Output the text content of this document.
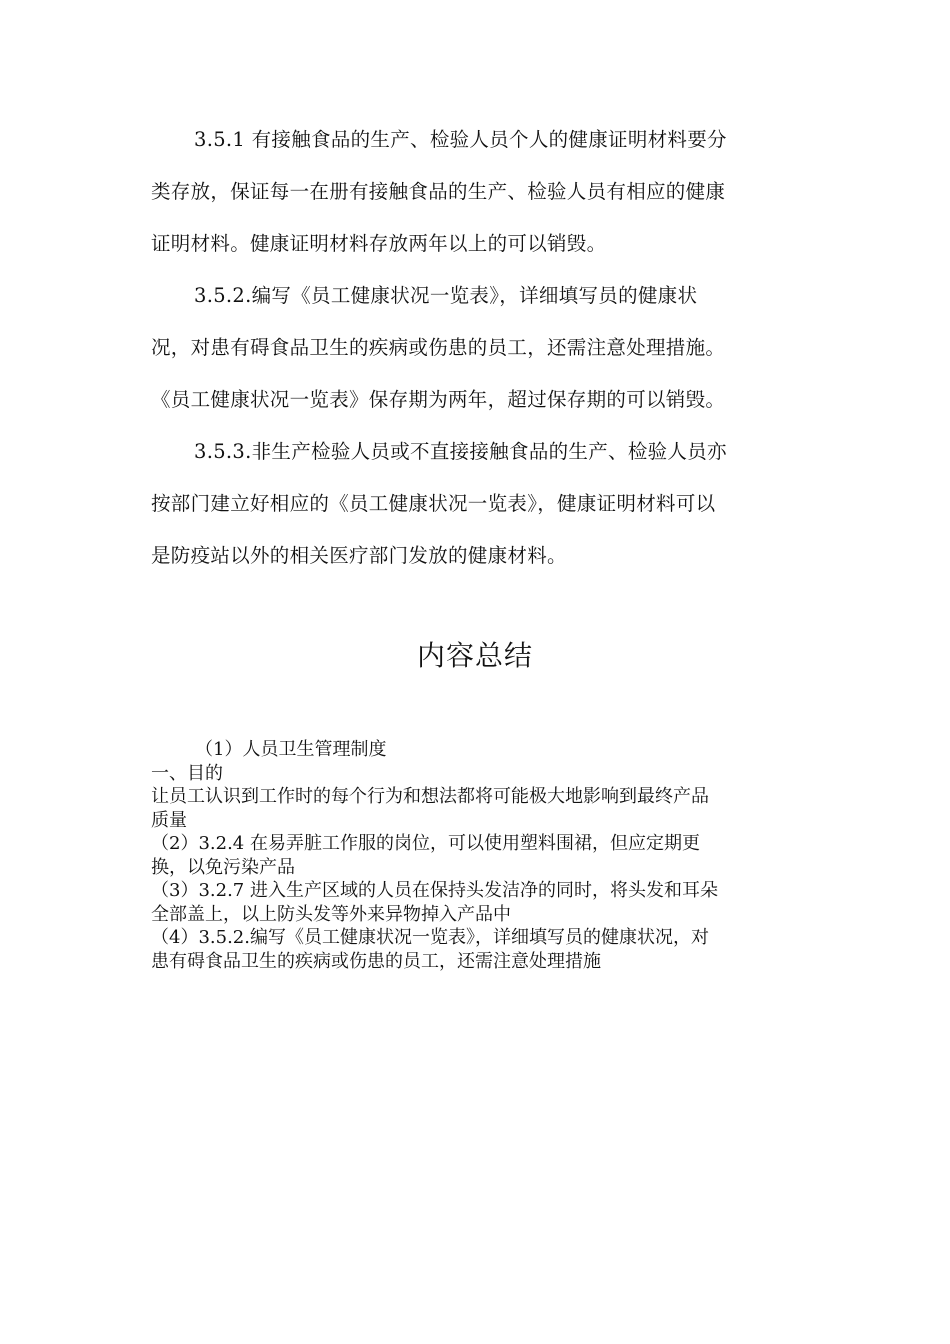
3.5.1 有接触食品的生产、检验人员个人的健康证明材料要分
类存放，保证每一在册有接触食品的生产、检验人员有相应的健康
证明材料。健康证明材料存放两年以上的可以销毁。
3.5.2.编写《员工健康状况一览表》，详细填写员的健康状
况，对患有碍食品卫生的疾病或伤患的员工，还需注意处理措施。
《员工健康状况一览表》保存期为两年，超过保存期的可以销毁。
3.5.3.非生产检验人员或不直接接触食品的生产、检验人员亦
按部门建立好相应的《员工健康状况一览表》，健康证明材料可以
是防疫站以外的相关医疗部门发放的健康材料。
内容总结
（1）人员卫生管理制度
一、目的
让员工认识到工作时的每个行为和想法都将可能极大地影响到最终产品
质量
（2）3.2.4 在易弄脏工作服的岗位，可以使用塑料围裙，但应定期更
换，以免污染产品
（3）3.2.7 进入生产区域的人员在保持头发洁净的同时，将头发和耳朵
全部盖上，以上防头发等外来异物掉入产品中
（4）3.5.2.编写《员工健康状况一览表》，详细填写员的健康状况，对
患有碍食品卫生的疾病或伤患的员工，还需注意处理措施
